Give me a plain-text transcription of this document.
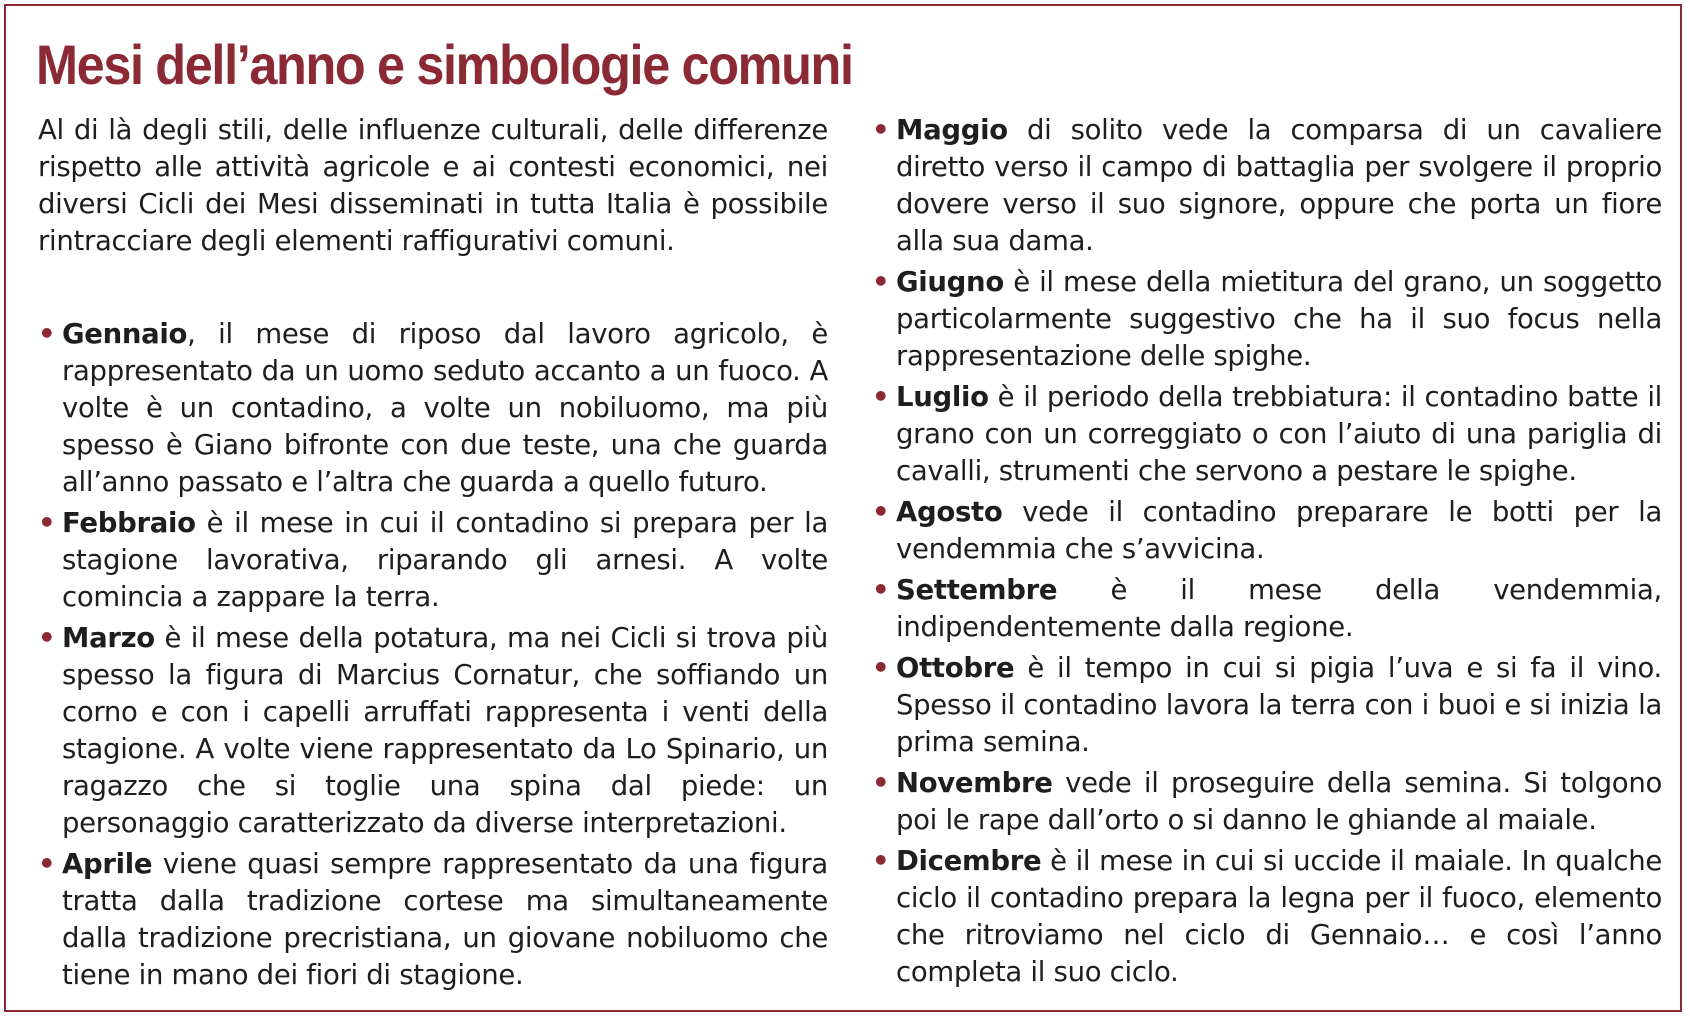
Mesi dell’anno e simbologie comuni

Al di là degli stili, delle influenze culturali, delle differenze rispetto alle attività agricole e ai contesti economici, nei diversi Cicli dei Mesi disseminati in tutta Italia è possibile rintracciare degli elementi raffigurativi comuni.

• Gennaio, il mese di riposo dal lavoro agricolo, è rappresentato da un uomo seduto accanto a un fuoco. A volte è un contadino, a volte un nobiluomo, ma più spesso è Giano bifronte con due teste, una che guarda all’anno passato e l’altra che guarda a quello futuro.
• Febbraio è il mese in cui il contadino si prepara per la stagione lavorativa, riparando gli arnesi. A volte comincia a zappare la terra.
• Marzo è il mese della potatura, ma nei Cicli si trova più spesso la figura di Marcius Cornatur, che soffiando un corno e con i capelli arruffati rappresenta i venti della stagione. A volte viene rappresentato da Lo Spinario, un ragazzo che si toglie una spina dal piede: un personaggio caratterizzato da diverse interpretazioni.
• Aprile viene quasi sempre rappresentato da una figura tratta dalla tradizione cortese ma simultaneamente dalla tradizione precristiana, un giovane nobiluomo che tiene in mano dei fiori di stagione.
• Maggio di solito vede la comparsa di un cavaliere diretto verso il campo di battaglia per svolgere il proprio dovere verso il suo signore, oppure che porta un fiore alla sua dama.
• Giugno è il mese della mietitura del grano, un soggetto particolarmente suggestivo che ha il suo focus nella rappresentazione delle spighe.
• Luglio è il periodo della trebbiatura: il contadino batte il grano con un correggiato o con l’aiuto di una pariglia di cavalli, strumenti che servono a pestare le spighe.
• Agosto vede il contadino preparare le botti per la vendemmia che s’avvicina.
• Settembre è il mese della vendemmia, indipendentemente dalla regione.
• Ottobre è il tempo in cui si pigia l’uva e si fa il vino. Spesso il contadino lavora la terra con i buoi e si inizia la prima semina.
• Novembre vede il proseguire della semina. Si tolgono poi le rape dall’orto o si danno le ghiande al maiale.
• Dicembre è il mese in cui si uccide il maiale. In qualche ciclo il contadino prepara la legna per il fuoco, elemento che ritroviamo nel ciclo di Gennaio… e così l’anno completa il suo ciclo.
